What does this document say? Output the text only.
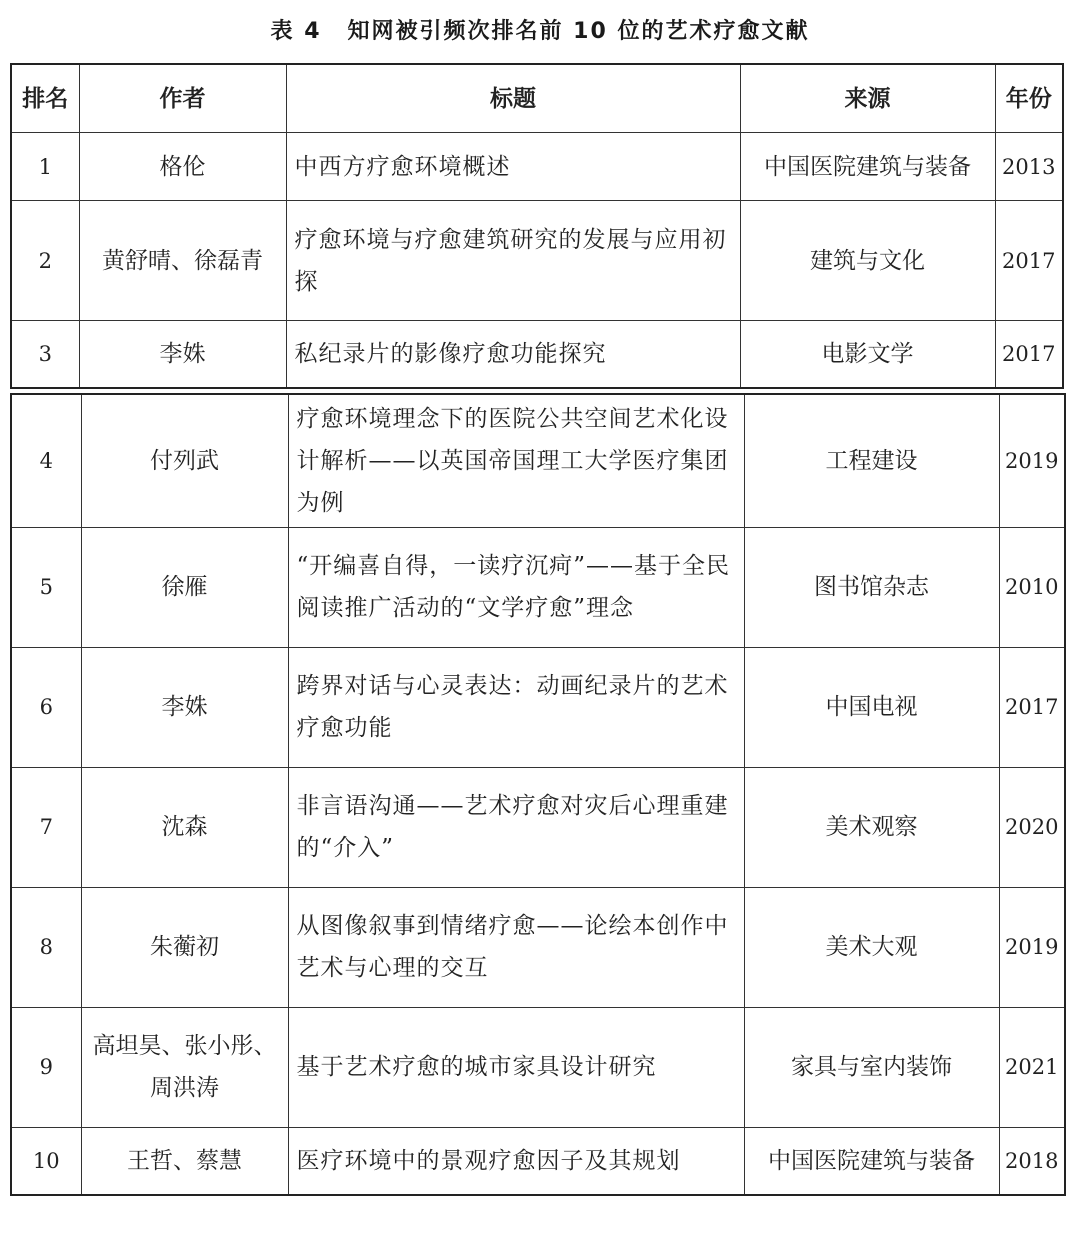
表 4 知网被引频次排名前 10 位的艺术疗愈文献
排名	作者	标题	来源	年份
1	格伦	中西方疗愈环境概述	中国医院建筑与装备	2013
2	黄舒晴、徐磊青	疗愈环境与疗愈建筑研究的发展与应用初探	建筑与文化	2017
3	李姝	私纪录片的影像疗愈功能探究	电影文学	2017
4	付列武	疗愈环境理念下的医院公共空间艺术化设计解析——以英国帝国理工大学医疗集团为例	工程建设	2019
5	徐雁	“开编喜自得，一读疗沉疴”——基于全民阅读推广活动的“文学疗愈”理念	图书馆杂志	2010
6	李姝	跨界对话与心灵表达：动画纪录片的艺术疗愈功能	中国电视	2017
7	沈森	非言语沟通——艺术疗愈对灾后心理重建的“介入”	美术观察	2020
8	朱蘅初	从图像叙事到情绪疗愈——论绘本创作中艺术与心理的交互	美术大观	2019
9	高坦昊、张小彤、周洪涛	基于艺术疗愈的城市家具设计研究	家具与室内装饰	2021
10	王哲、蔡慧	医疗环境中的景观疗愈因子及其规划	中国医院建筑与装备	2018
